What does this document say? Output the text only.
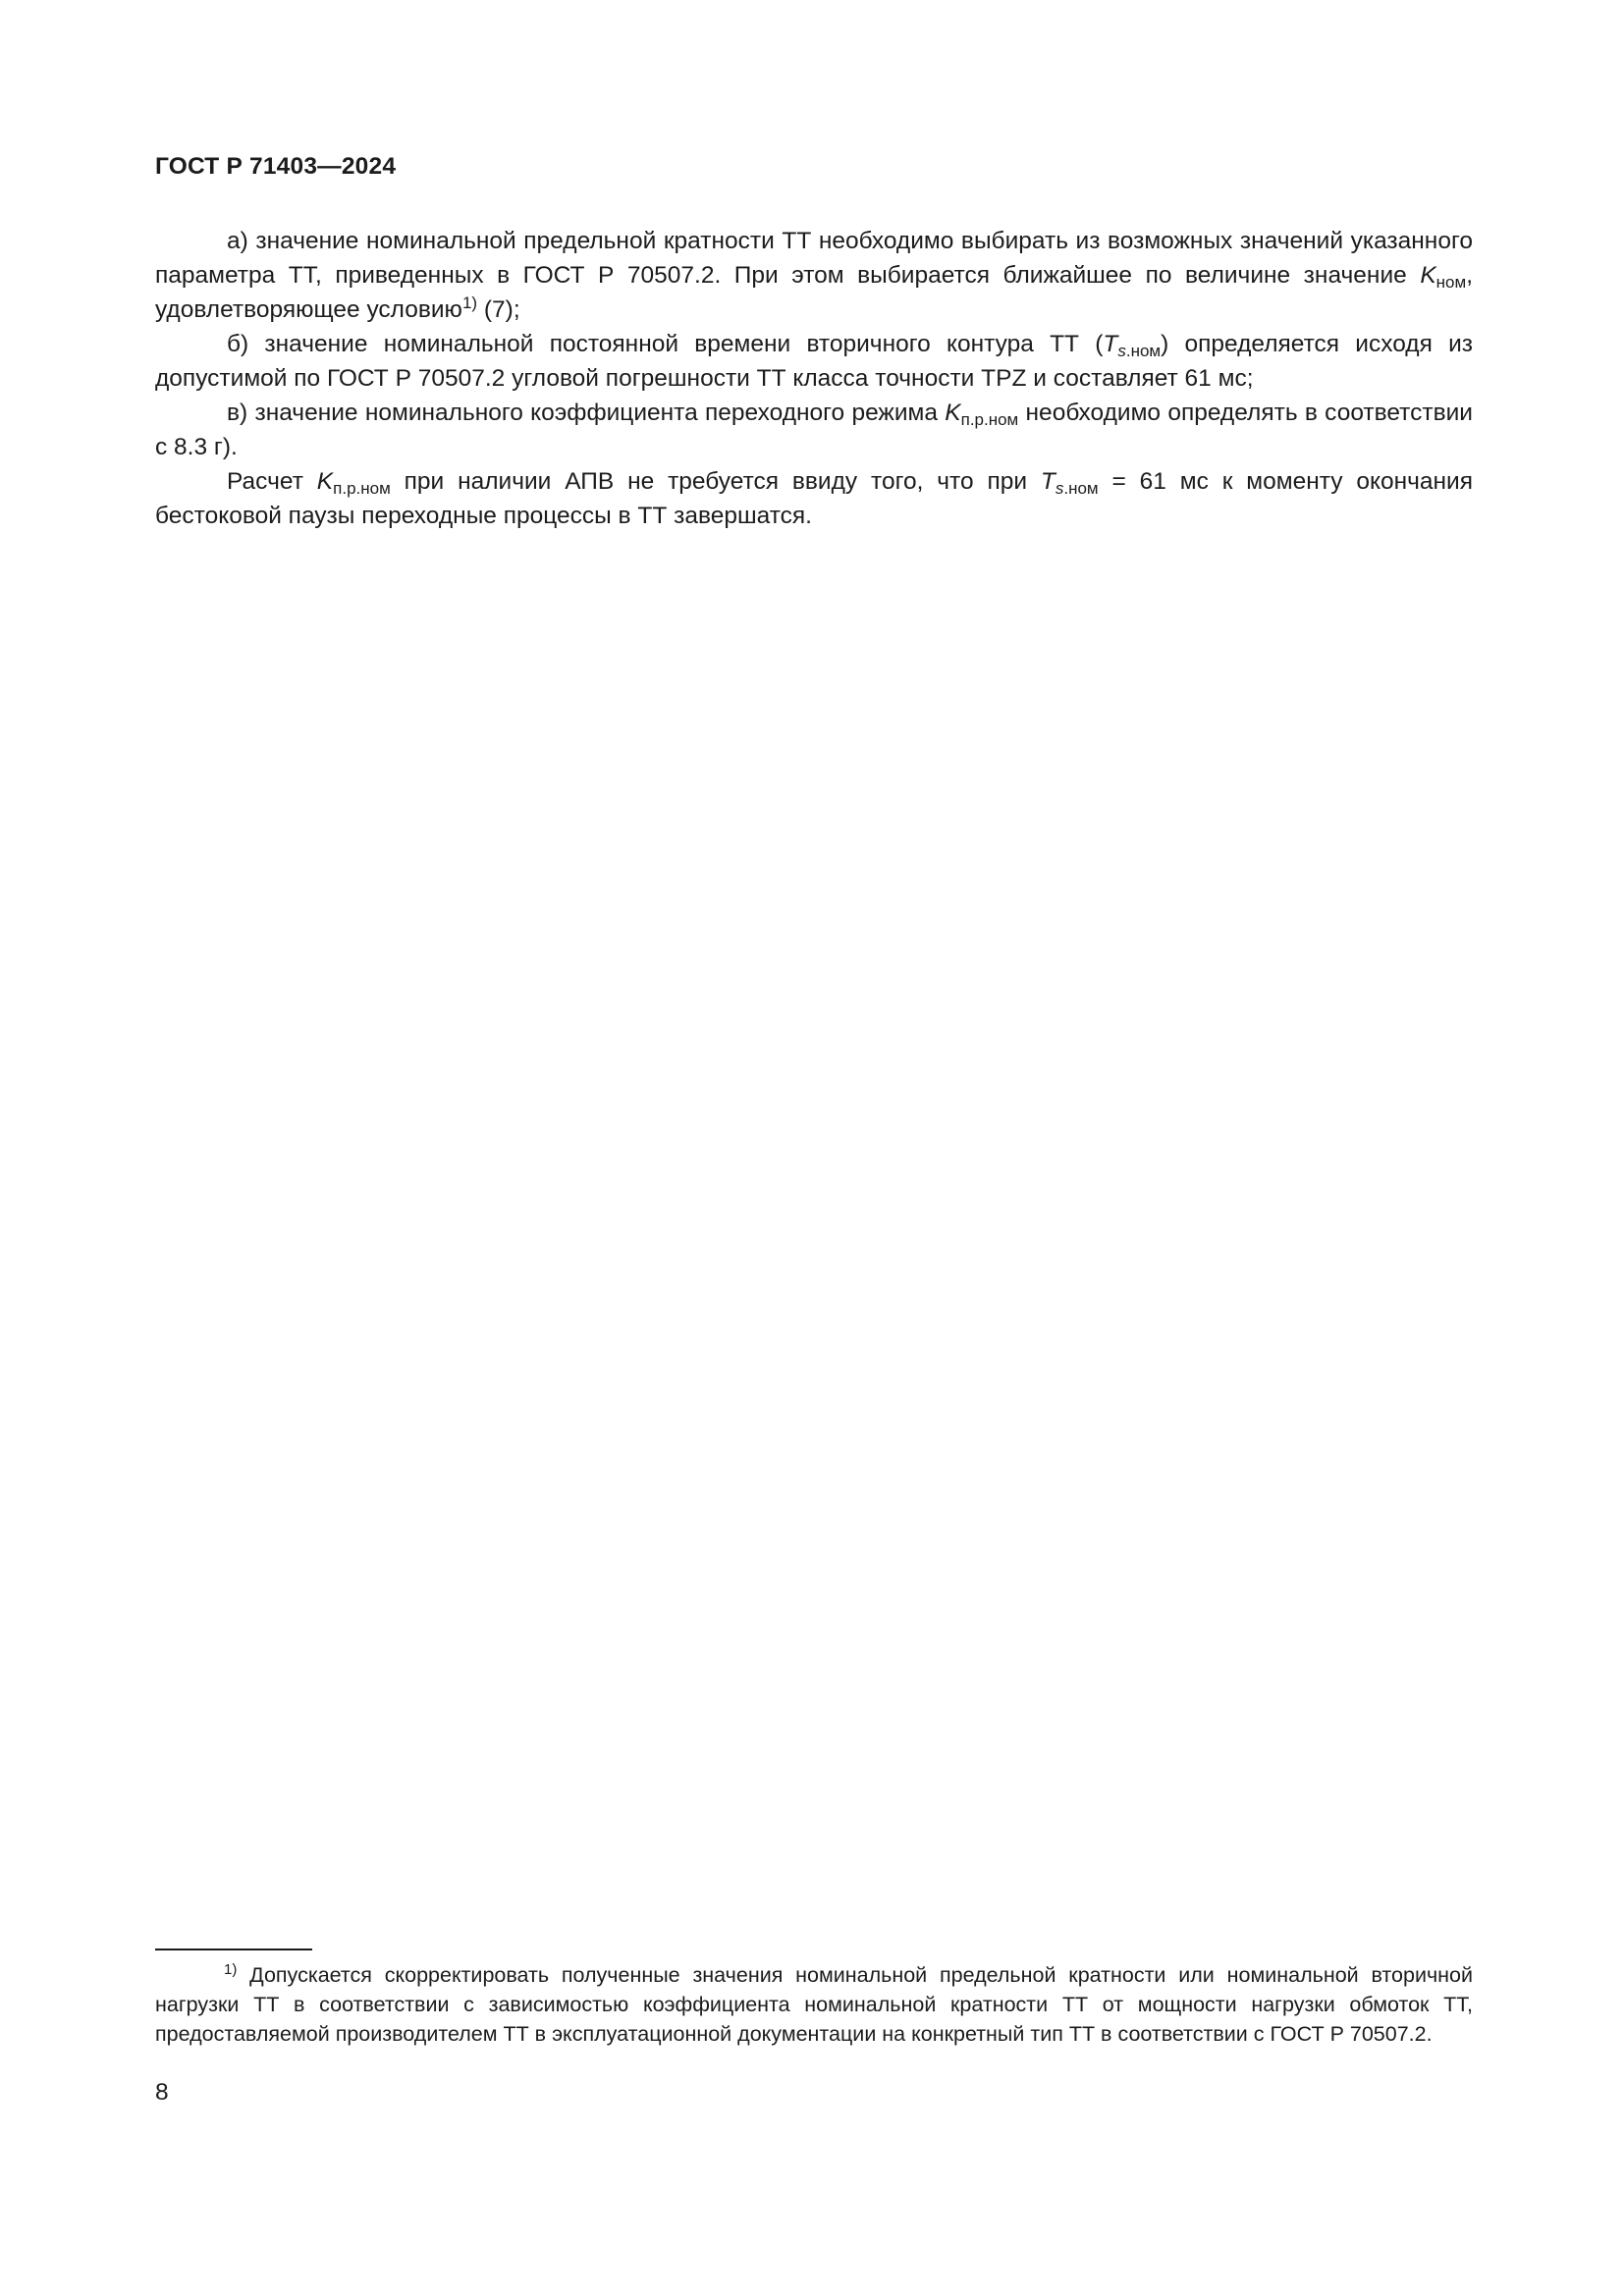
ГОСТ Р 71403—2024

а) значение номинальной предельной кратности ТТ необходимо выбирать из возможных значений указанного параметра ТТ, приведенных в ГОСТ Р 70507.2. При этом выбирается ближайшее по величине значение $K_{ном}$, удовлетворяющее условию$^{1)}$ (7);

б) значение номинальной постоянной времени вторичного контура ТТ $(T_{s.ном})$ определяется исходя из допустимой по ГОСТ Р 70507.2 угловой погрешности ТТ класса точности ТPZ и составляет 61 мс;

в) значение номинального коэффициента переходного режима $K_{п.р.ном}$ необходимо определять в соответствии с 8.3 г).

Расчет $K_{п.р.ном}$ при наличии АПВ не требуется ввиду того, что при $T_{s.ном} = 61$ мс к моменту окончания бестоковой паузы переходные процессы в ТТ завершатся.

$^{1)}$ Допускается скорректировать полученные значения номинальной предельной кратности или номинальной вторичной нагрузки ТТ в соответствии с зависимостью коэффициента номинальной кратности ТТ от мощности нагрузки обмоток ТТ, предоставляемой производителем ТТ в эксплуатационной документации на конкретный тип ТТ в соответствии с ГОСТ Р 70507.2.

8
